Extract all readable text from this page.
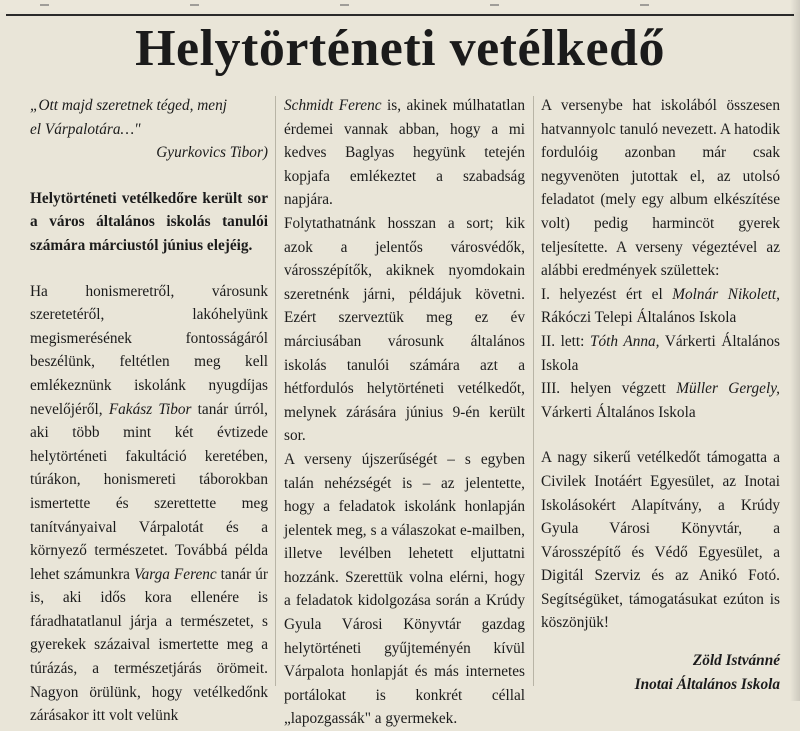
Helytörténeti vetélkedő

„Ott majd szeretnek téged, menj

el Várpalotára…"

Gyurkovics Tibor)

Helytörténeti vetélkedőre került sor a város általános iskolás tanulói számára márciustól június elejéig.

Ha honismeretről, városunk szeretetéről, lakóhelyünk megismerésének fontosságáról beszélünk, feltétlen meg kell emlékeznünk iskolánk nyugdíjas nevelőjéről, Fakász Tibor tanár úrról, aki több mint két évtizede helytörténeti fakultáció keretében, túrákon, honismereti táborokban ismertette és szerettette meg tanítványaival Várpalotát és a környező természetet. Továbbá példa lehet számunkra Varga Ferenc tanár úr is, aki idős kora ellenére is fáradhatatlanul járja a természetet, s gyerekek százaival ismertette meg a túrázás, a természetjárás örömeit. Nagyon örülünk, hogy vetélkedőnk zárásakor itt volt velünk

Schmidt Ferenc is, akinek múlhatatlan érdemei vannak abban, hogy a mi kedves Baglyas hegyünk tetején kopjafa emlékeztet a szabadság napjára.

Folytathatnánk hosszan a sort; kik azok a jelentős városvédők, városszépítők, akiknek nyomdokain szeretnénk járni, példájuk követni. Ezért szerveztük meg ez év márciusában városunk általános iskolás tanulói számára azt a hétfordulós helytörténeti vetélkedőt, melynek zárására június 9-én került sor.

A verseny újszerűségét – s egyben talán nehézségét is – az jelentette, hogy a feladatok iskolánk honlapján jelentek meg, s a válaszokat e-mailben, illetve levélben lehetett eljuttatni hozzánk. Szerettük volna elérni, hogy a feladatok kidolgozása során a Krúdy Gyula Városi Könyvtár gazdag helytörténeti gyűjteményén kívül Várpalota honlapját és más internetes portálokat is konkrét céllal „lapozgassák" a gyermekek.

A versenybe hat iskolából összesen hatvannyolc tanuló nevezett. A hatodik fordulóig azonban már csak negyvenöten jutottak el, az utolsó feladatot (mely egy album elkészítése volt) pedig harmincöt gyerek teljesítette. A verseny végeztével az alábbi eredmények születtek:

I. helyezést ért el Molnár Nikolett, Rákóczi Telepi Általános Iskola

II. lett: Tóth Anna, Várkerti Általános Iskola

III. helyen végzett Müller Gergely, Várkerti Általános Iskola

A nagy sikerű vetélkedőt támogatta a Civilek Inotáért Egyesület, az Inotai Iskolásokért Alapítvány, a Krúdy Gyula Városi Könyvtár, a Városszépítő és Védő Egyesület, a Digitál Szerviz és az Anikó Fotó. Segítségüket, támogatásukat ezúton is köszönjük!

Zöld Istvánné

Inotai Általános Iskola
